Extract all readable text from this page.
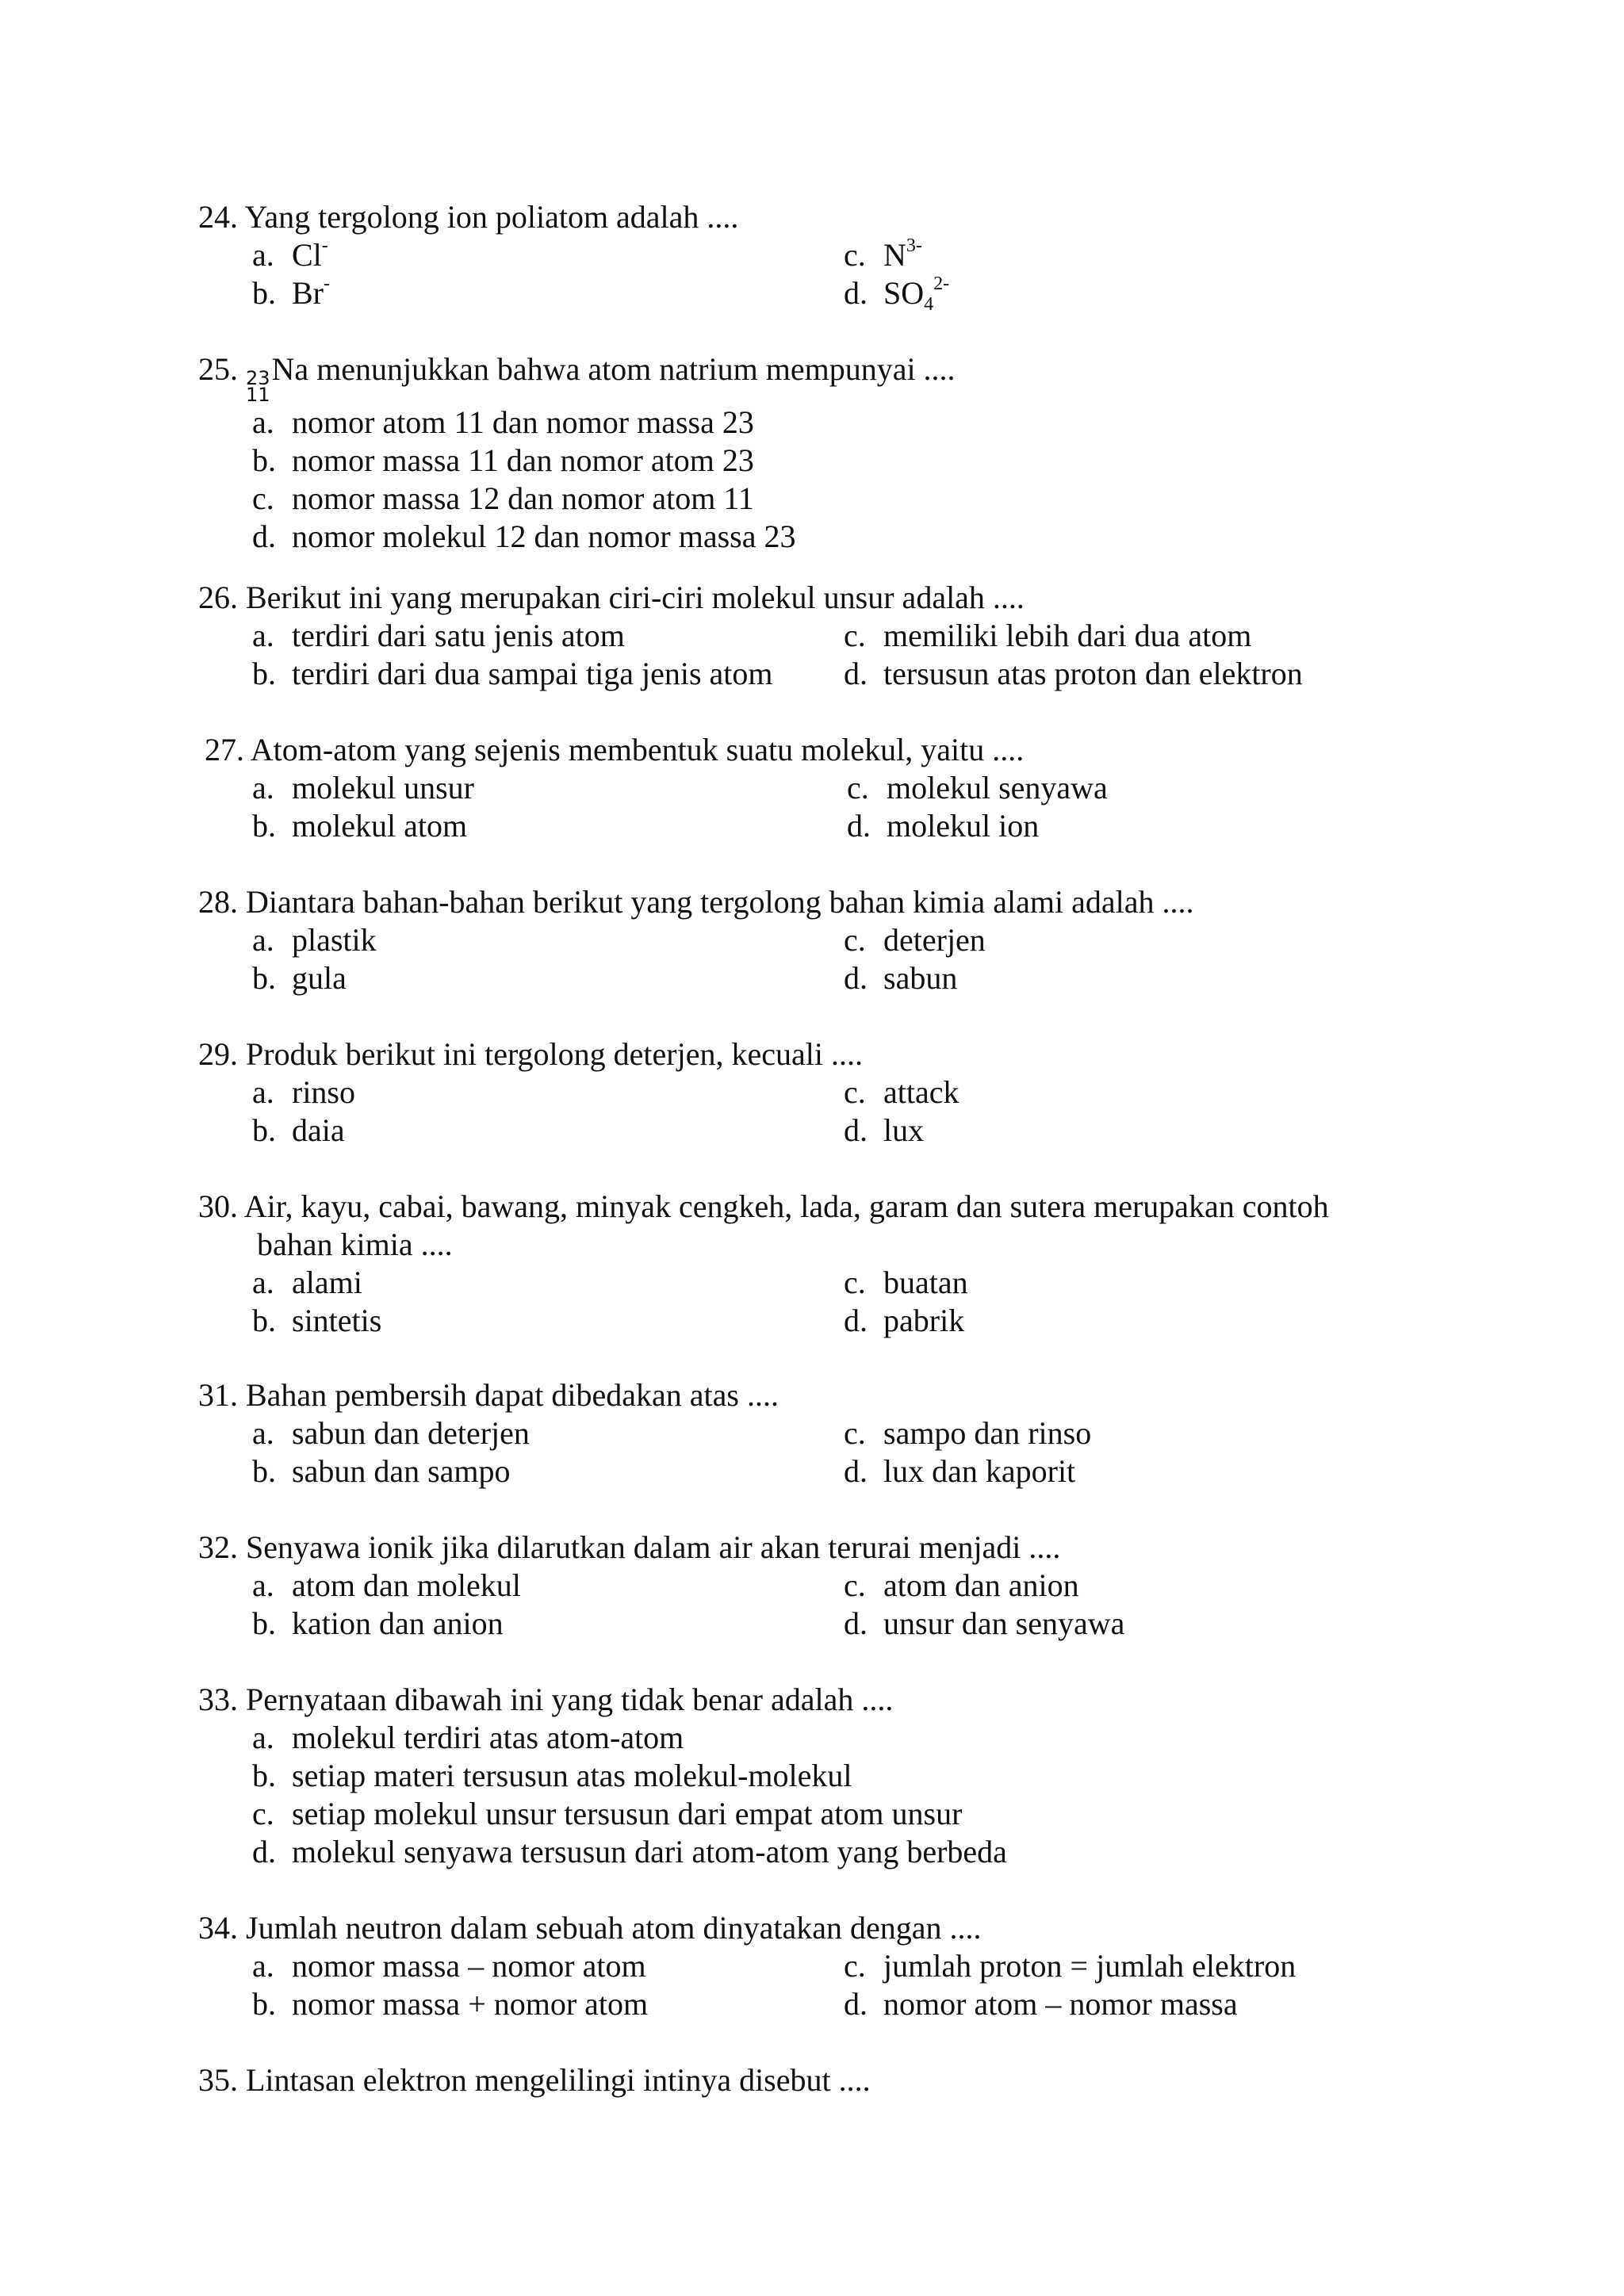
24. Yang tergolong ion poliatom adalah ....
a. Cl-	c. $N^{3-}$
b. Br-	d. $SO_4^{2-}$
25. 23
11
Na menunjukkan bahwa atom natrium mempunyai ....
a. nomor atom 11 dan nomor massa 23
b. nomor massa 11 dan nomor atom 23
c. nomor massa 12 dan nomor atom 11
d. nomor molekul 12 dan nomor massa 23
26. Berikut ini yang merupakan ciri-ciri molekul unsur adalah ....
a. terdiri dari satu jenis atom	c. memiliki lebih dari dua atom
b. terdiri dari dua sampai tiga jenis atom	d. tersusun atas proton dan elektron
27. Atom-atom yang sejenis membentuk suatu molekul, yaitu ....
a. molekul unsur	c. molekul senyawa
b. molekul atom	d. molekul ion
28. Diantara bahan-bahan berikut yang tergolong bahan kimia alami adalah ....
a. plastik	c. deterjen
b. gula	d. sabun
29. Produk berikut ini tergolong deterjen, kecuali ....
a. rinso	c. attack
b. daia	d. lux
30. Air, kayu, cabai, bawang, minyak cengkeh, lada, garam dan sutera merupakan contoh
bahan kimia ....
a. alami	c. buatan
b. sintetis	d. pabrik
31. Bahan pembersih dapat dibedakan atas ....
a. sabun dan deterjen	c. sampo dan rinso
b. sabun dan sampo	d. lux dan kaporit
32. Senyawa ionik jika dilarutkan dalam air akan terurai menjadi ....
a. atom dan molekul	c. atom dan anion
b. kation dan anion	d. unsur dan senyawa
33. Pernyataan dibawah ini yang tidak benar adalah ....
a. molekul terdiri atas atom-atom
b. setiap materi tersusun atas molekul-molekul
c. setiap molekul unsur tersusun dari empat atom unsur
d. molekul senyawa tersusun dari atom-atom yang berbeda
34. Jumlah neutron dalam sebuah atom dinyatakan dengan ....
a. nomor massa – nomor atom	c. jumlah proton = jumlah elektron
b. nomor massa + nomor atom	d. nomor atom – nomor massa
35. Lintasan elektron mengelilingi intinya disebut ....
